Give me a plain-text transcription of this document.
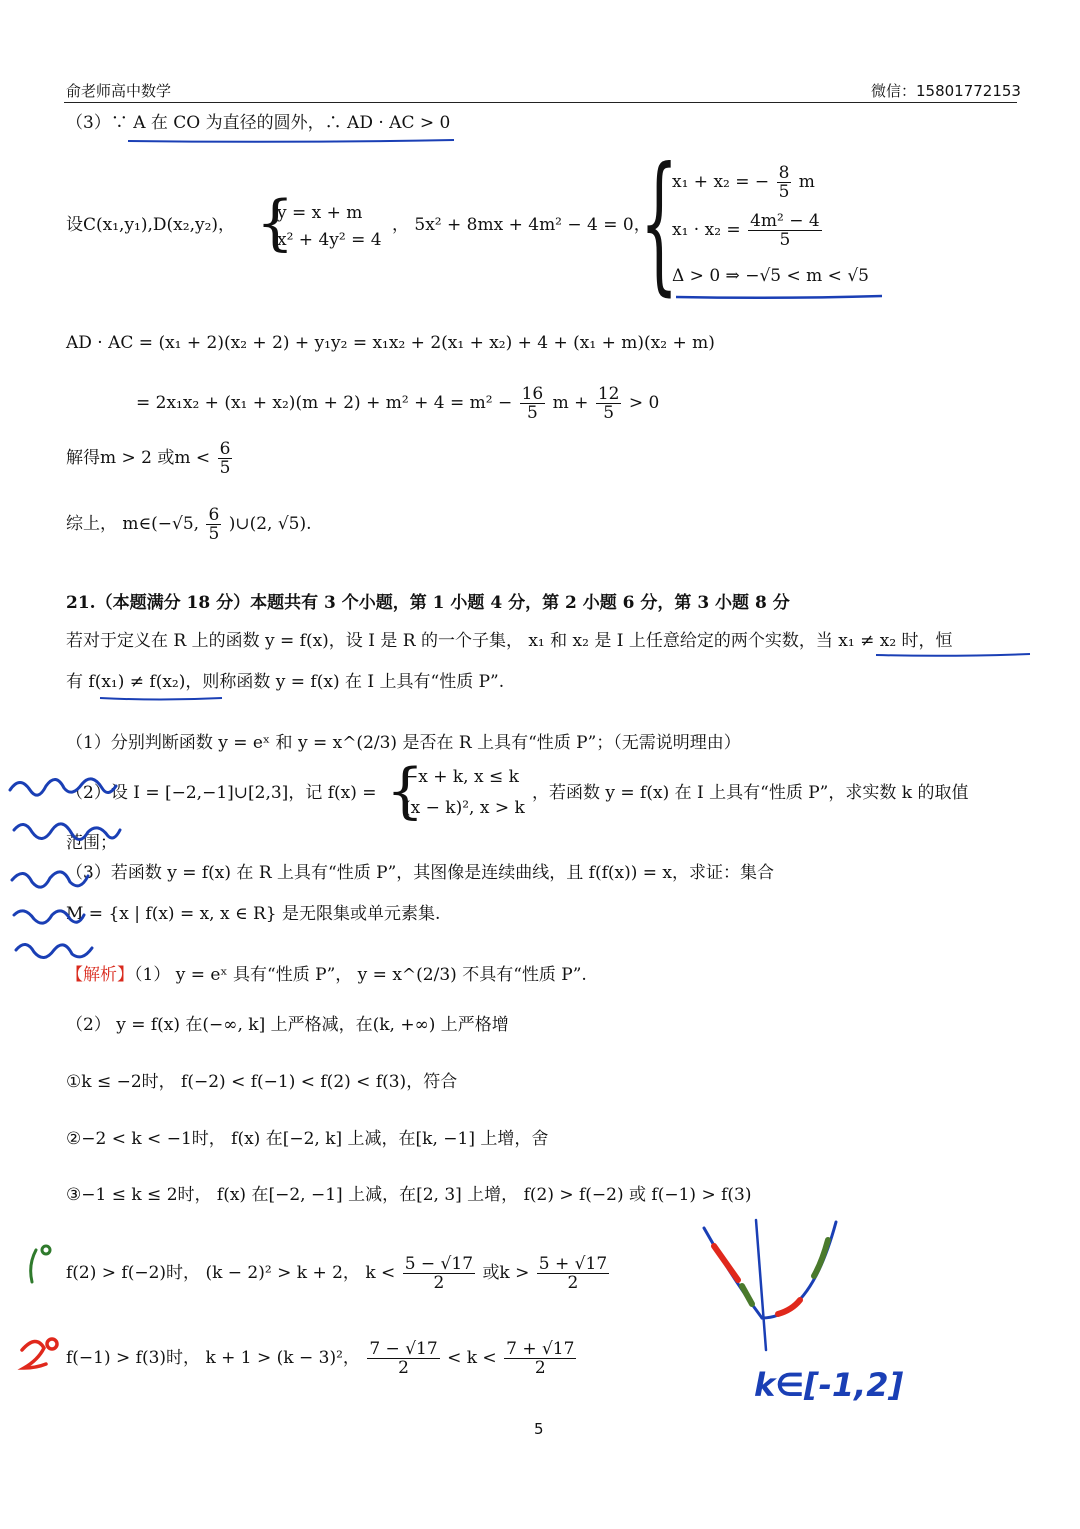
俞老师高中数学	微信：15801772153
（3）∵ A 在 CO 为直径的圆外，∴ AD · AC > 0
设C(x₁,y₁),D(x₂,y₂)， {
y = x + m
x² + 4y² = 4
， 5x² + 8mx + 4m² − 4 = 0，
{
x₁ + x₂ = − $\frac{8}{5}$ m
$x_1 \cdot x_2 = \frac{\text{4m² − 4}}{5}$
Δ > 0 ⇒ −√5 < m < √5
AD · AC = (x₁ + 2)(x₂ + 2) + y₁y₂ = x₁x₂ + 2(x₁ + x₂) + 4 + (x₁ + m)(x₂ + m)
= $2x_1x_2 + (x_1 + x_2)(m + 2) + m^2 + 4 = m^2 - \frac{16}{5}$ $m + \frac{12}{5} > 0$
解得m > 2 或$m < \frac{6}{5}$
综上， m∈(−√5, $\frac{6}{5}$ )∪(2, √5).
21.（本题满分 18 分）本题共有 3 个小题，第 1 小题 4 分，第 2 小题 6 分，第 3 小题 8 分
若对于定义在 R 上的函数 y = f(x)，设 I 是 R 的一个子集， x₁ 和 x₂ 是 I 上任意给定的两个实数，当 x₁ ≠ x₂ 时，恒
有 f(x₁) ≠ f(x₂)，则称函数 y = f(x) 在 I 上具有“性质 P”.
（1）分别判断函数 y = eˣ 和 y = x^(2/3) 是否在 R 上具有“性质 P”；（无需说明理由）
（2）设 I = [−2,−1]∪[2,3]，记 f(x) = {
−x + k, x ≤ k
(x − k)², x > k
，若函数 y = f(x) 在 I 上具有“性质 P”，求实数 k 的取值
范围；
（3）若函数 y = f(x) 在 R 上具有“性质 P”，其图像是连续曲线，且 f(f(x)) = x，求证：集合
M = {x | f(x) = x, x ∈ R} 是无限集或单元素集.
【解析】（1） y = eˣ 具有“性质 P”， y = x^(2/3) 不具有“性质 P”.
（2） y = f(x) 在(−∞, k] 上严格减，在(k, +∞) 上严格增
①k ≤ −2时， f(−2) < f(−1) < f(2) < f(3)，符合
②−2 < k < −1时， f(x) 在[−2, k] 上减，在[k, −1] 上增，舍
③−1 ≤ k ≤ 2时， f(x) 在[−2, −1] 上减，在[2, 3] 上增， f(2) > f(−2) 或 f(−1) > f(3)
f(2) > f(−2)时， (k − 2)² > k + 2， $k < \frac{5 - √17}{2}$ 或$k > \frac{5 + √17}{2}$
f(−1) > f(3)时， k + 1 > (k − 3)²， $\frac{7 - √17}{2} < k < \frac{7 + √17}{2}$
5
k∈[-1,2]
